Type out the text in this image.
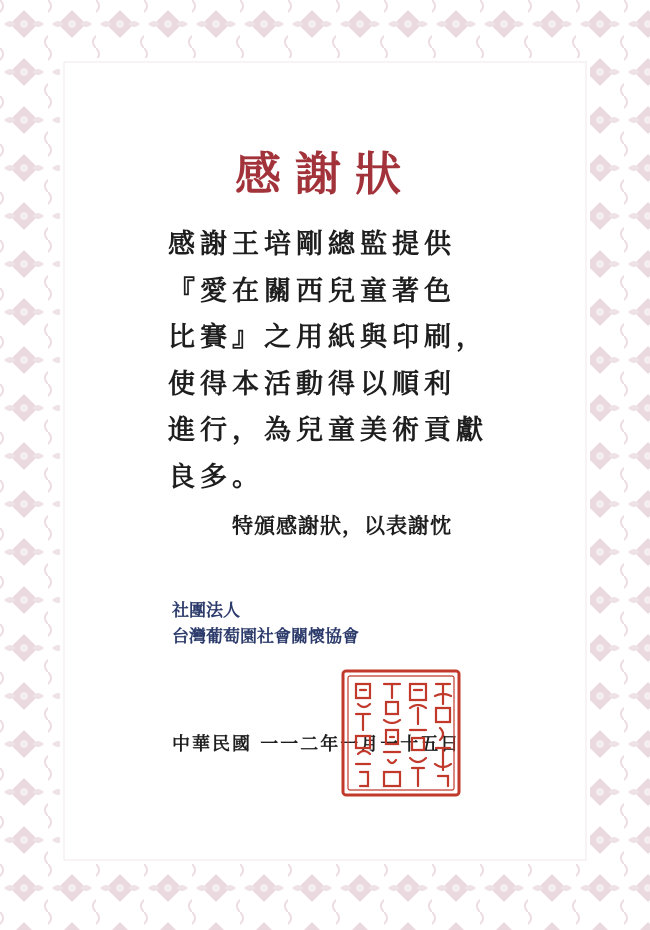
感謝狀
感謝王培剛總監提供
『愛在關西兒童著色
比賽』之用紙與印刷，
使得本活動得以順利
進行，為兒童美術貢獻
良多。
特頒感謝狀，以表謝忱
社團法人
台灣葡萄園社會關懷協會
中華民國 一一二年一月一十五日
